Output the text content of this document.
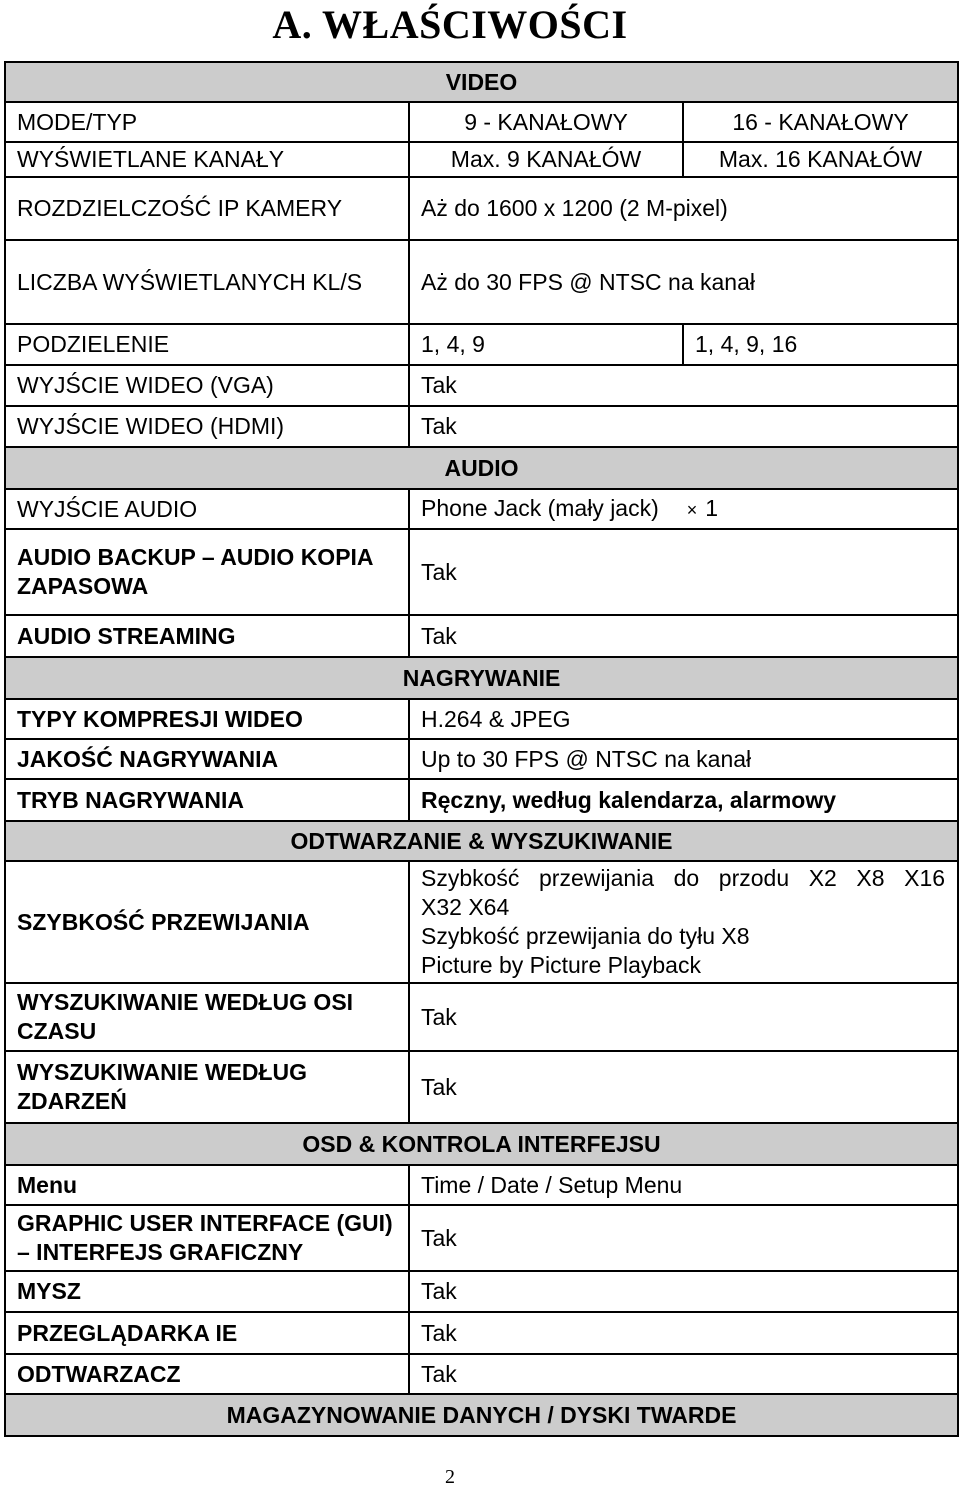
A. WŁAŚCIWOŚCI
VIDEO		
MODE/TYP	9 - KANAŁOWY	16 - KANAŁOWY
WYŚWIETLANE KANAŁY	Max. 9 KANAŁÓW	Max. 16 KANAŁÓW
ROZDZIELCZOŚĆ IP KAMERY	Aż do 1600 x 1200 (2 M-pixel)	
LICZBA WYŚWIETLANYCH KL/S	Aż do 30 FPS @ NTSC na kanał	
PODZIELENIE	1, 4, 9	1, 4, 9, 16
WYJŚCIE WIDEO (VGA)	Tak	
WYJŚCIE WIDEO (HDMI)	Tak	
AUDIO		
WYJŚCIE AUDIO	Phone Jack (mały jack) × 1	
AUDIO BACKUP – AUDIO KOPIA ZAPASOWA	Tak	
AUDIO STREAMING	Tak	
NAGRYWANIE		
TYPY KOMPRESJI WIDEO	H.264 & JPEG	
JAKOŚĆ NAGRYWANIA	Up to 30 FPS @ NTSC na kanał	
TRYB NAGRYWANIA	Ręczny, według kalendarza, alarmowy	
ODTWARZANIE & WYSZUKIWANIE		
SZYBKOŚĆ PRZEWIJANIA	Szybkość przewijania do przodu X2 X8 X16
X32 X64
Szybkość przewijania do tyłu X8
Picture by Picture Playback	

WYSZUKIWANIE WEDŁUG OSI CZASU	Tak	
WYSZUKIWANIE WEDŁUG ZDARZEŃ	Tak	
OSD & KONTROLA INTERFEJSU		
Menu	Time / Date / Setup Menu	
GRAPHIC USER INTERFACE (GUI) – INTERFEJS GRAFICZNY	Tak	
MYSZ	Tak	
PRZEGLĄDARKA IE	Tak	
ODTWARZACZ	Tak	
MAGAZYNOWANIE DANYCH / DYSKI TWARDE		
2
